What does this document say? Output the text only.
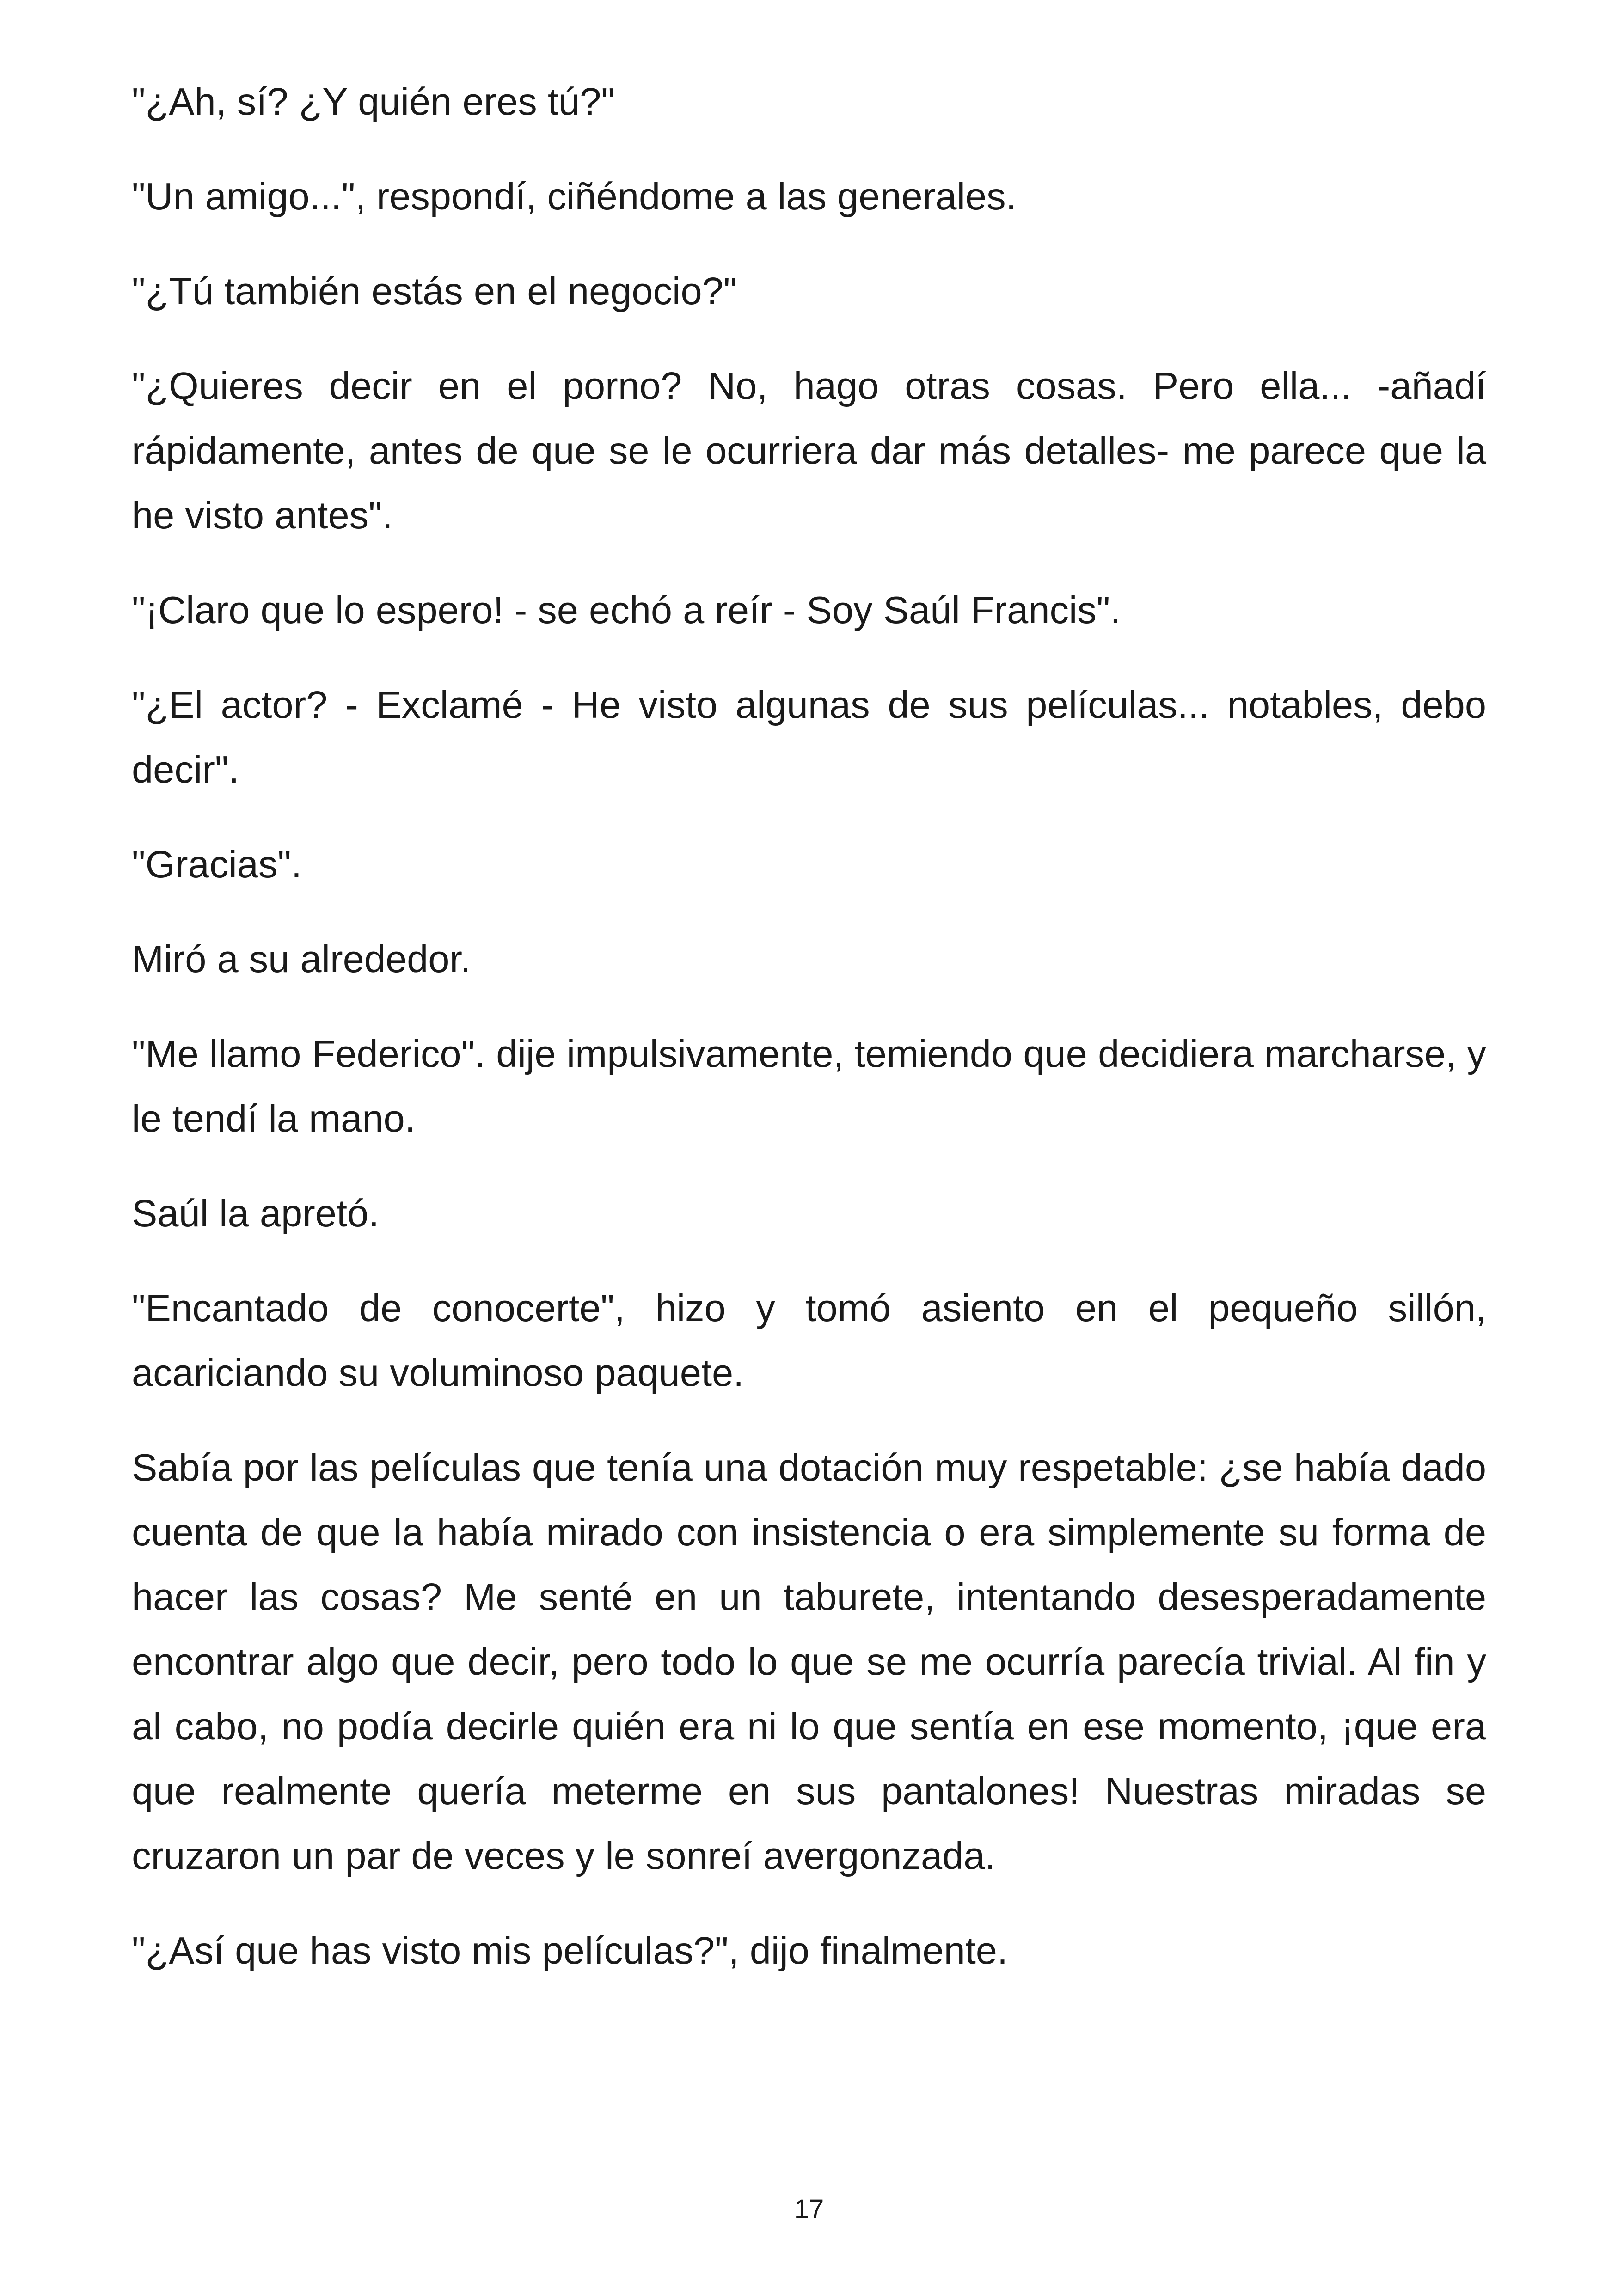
"¿Ah, sí? ¿Y quién eres tú?"

"Un amigo...", respondí, ciñéndome a las generales.

"¿Tú también estás en el negocio?"

"¿Quieres decir en el porno? No, hago otras cosas. Pero ella... -añadí rápidamente, antes de que se le ocurriera dar más detalles- me parece que la he visto antes".

"¡Claro que lo espero! - se echó a reír - Soy Saúl Francis".

"¿El actor? - Exclamé - He visto algunas de sus películas... notables, debo decir".

"Gracias".

Miró a su alrededor.

"Me llamo Federico". dije impulsivamente, temiendo que decidiera marcharse, y le tendí la mano.

Saúl la apretó.

"Encantado de conocerte", hizo y tomó asiento en el pequeño sillón, acariciando su voluminoso paquete.

Sabía por las películas que tenía una dotación muy respetable: ¿se había dado cuenta de que la había mirado con insistencia o era simplemente su forma de hacer las cosas? Me senté en un taburete, intentando desesperadamente encontrar algo que decir, pero todo lo que se me ocurría parecía trivial. Al fin y al cabo, no podía decirle quién era ni lo que sentía en ese momento, ¡que era que realmente quería meterme en sus pantalones! Nuestras miradas se cruzaron un par de veces y le sonreí avergonzada.

"¿Así que has visto mis películas?", dijo finalmente.

17
